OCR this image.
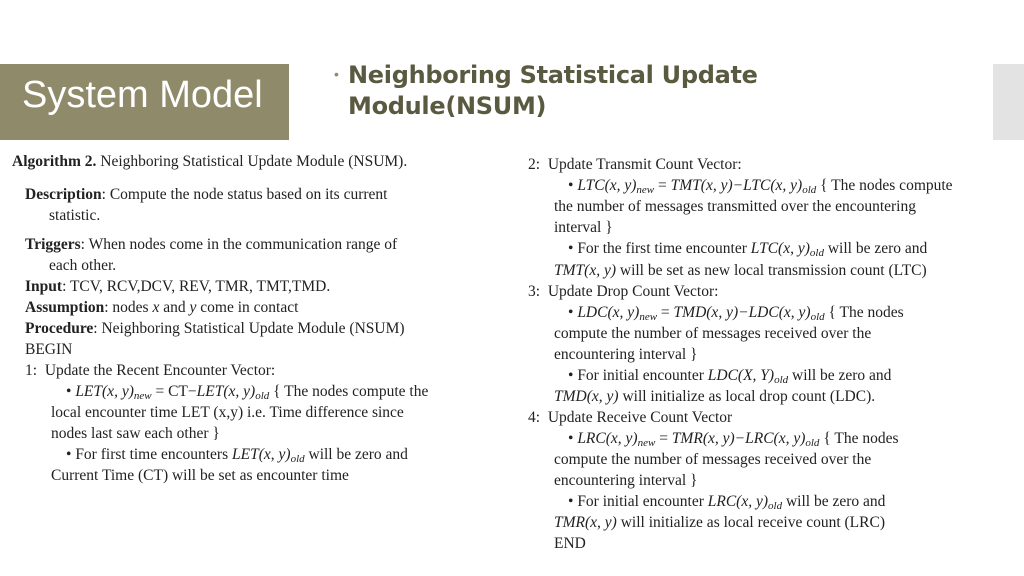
System Model	• Neighboring Statistical Update
Module(NSUM)
Algorithm 2. Neighboring Statistical Update Module (NSUM).
Description: Compute the node status based on its current
statistic.
Triggers: When nodes come in the communication range of
each other.
Input: TCV, RCV,DCV, REV, TMR, TMT,TMD.
Assumption: nodes x and y come in contact
Procedure: Neighboring Statistical Update Module (NSUM)
BEGIN
1: Update the Recent Encounter Vector:
• LET(x, $y)_{new} = CT-LET(x$, $y)_{old}$ { The nodes compute the
local encounter time LET (x,y) i.e. Time difference since
nodes last saw each other }
• For first time encounters LET(x, $y)_{old}$ will be zero and
Current Time (CT) will be set as encounter time
2: Update Transmit Count Vector:
• LTC(x, $y)_{new} = TMT(x$, y)−LTC(x, $y)_{old}$ { The nodes compute
the number of messages transmitted over the encountering
interval }
• For the first time encounter LTC(x, $y)_{old}$ will be zero and
TMT(x, y) will be set as new local transmission count (LTC)
3: Update Drop Count Vector:
• LDC(x, $y)_{new} = TMD(x$, y)−LDC(x, $y)_{old}$ { The nodes
compute the number of messages received over the
encountering interval }
• For initial encounter LDC(X, $Y)_{old}$ will be zero and
TMD(x, y) will initialize as local drop count (LDC).
4: Update Receive Count Vector
• LRC(x, $y)_{new} = TMR(x$, y)−LRC(x, $y)_{old}$ { The nodes
compute the number of messages received over the
encountering interval }
• For initial encounter LRC(x, $y)_{old}$ will be zero and
TMR(x, y) will initialize as local receive count (LRC)
END
